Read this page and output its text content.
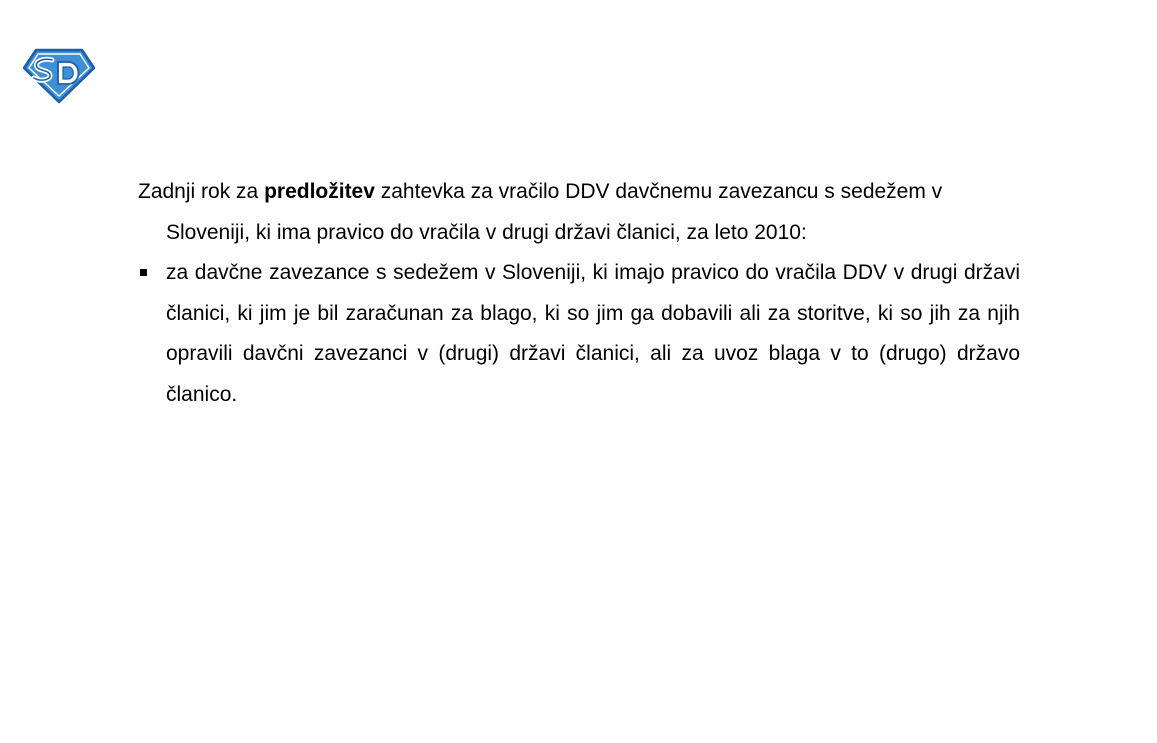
Zadnji rok za predložitev zahtevka za vračilo DDV davčnemu zavezancu s sedežem v Sloveniji, ki ima pravico do vračila v drugi državi članici, za leto 2010:

za davčne zavezance s sedežem v Sloveniji, ki imajo pravico do vračila DDV v drugi državi članici, ki jim je bil zaračunan za blago, ki so jim ga dobavili ali za storitve, ki so jih za njih opravili davčni zavezanci v (drugi) državi članici, ali za uvoz blaga v to (drugo) državo članico.
